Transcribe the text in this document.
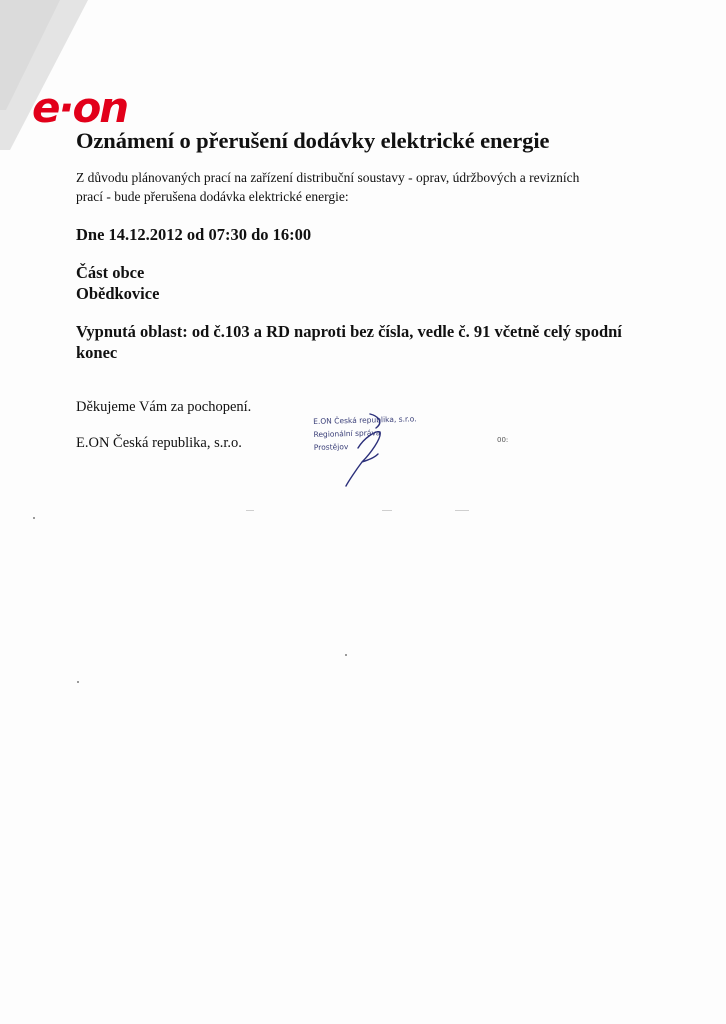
e·on
Oznámení o přerušení dodávky elektrické energie

Z důvodu plánovaných prací na zařízení distribuční soustavy - oprav, údržbových a revizních prací - bude přerušena dodávka elektrické energie:

Dne 14.12.2012 od 07:30 do 16:00

Část obce

Obědkovice

Vypnutá oblast: od č.103 a RD naproti bez čísla, vedle č. 91 včetně celý spodní konec

Děkujeme Vám za pochopení.

E.ON Česká republika, s.r.o.

E.ON Česká republika, s.r.o.
Regionální správa
Prostějov
00:
